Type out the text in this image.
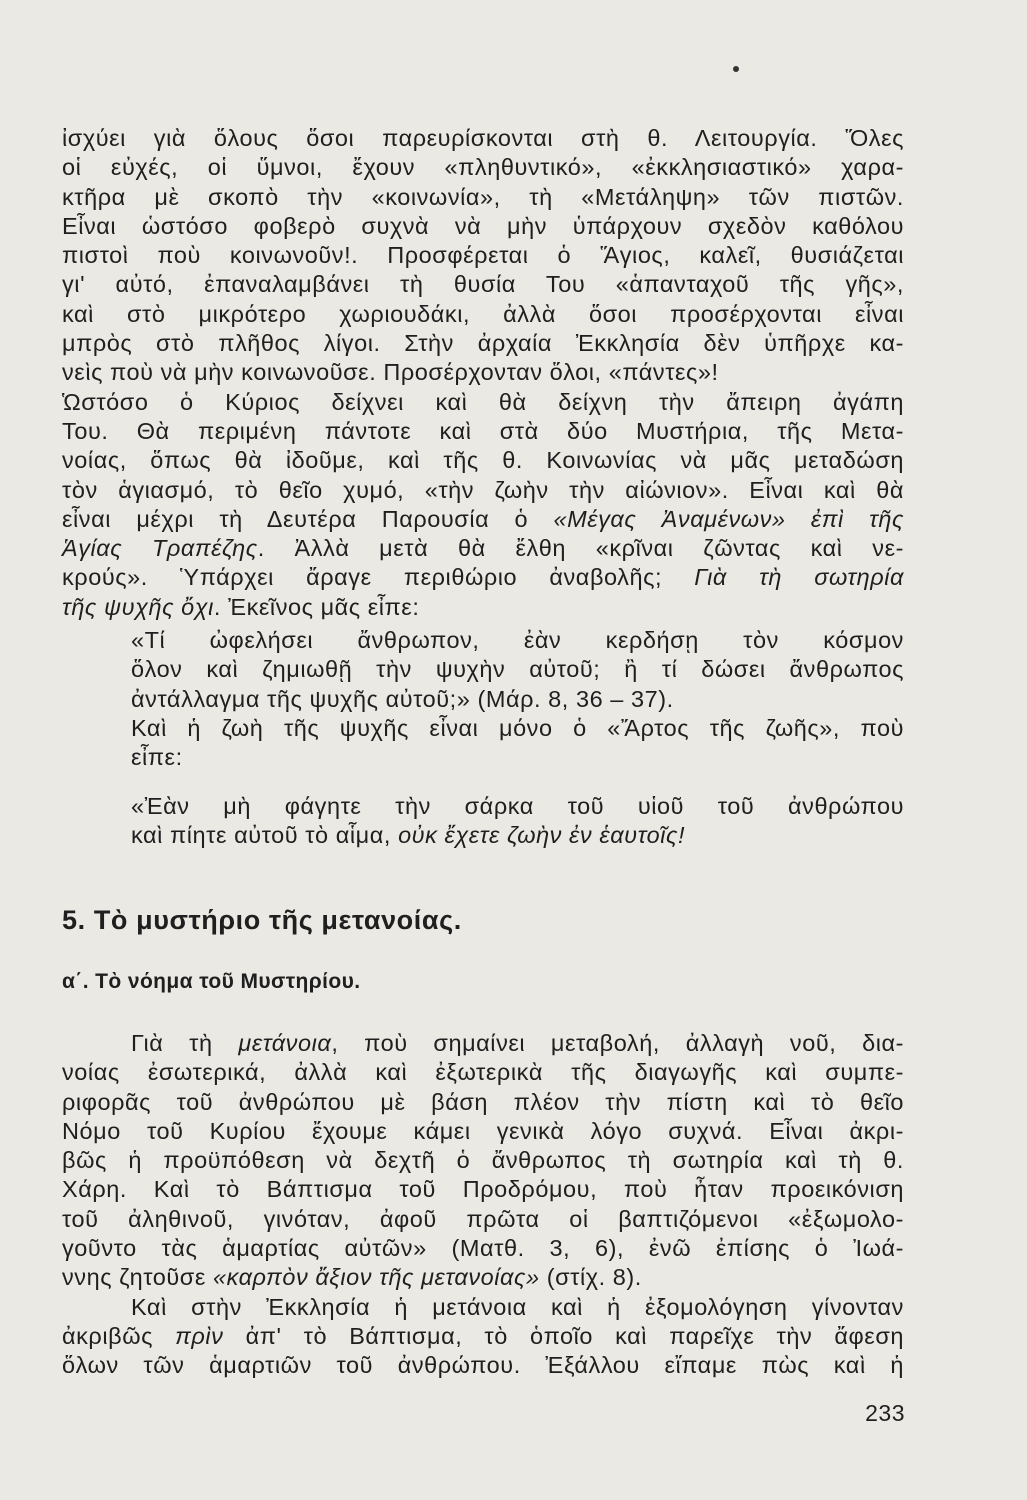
ἰσχύει γιὰ ὅλους ὅσοι παρευρίσκονται στὴ θ. Λειτουργία. Ὅλες

οἱ εὐχές, οἱ ὕμνοι, ἔχουν «πληθυντικό», «ἐκκλησιαστικό» χαρα-

κτῆρα μὲ σκοπὸ τὴν «κοινωνία», τὴ «Μετάληψη» τῶν πιστῶν.

Εἶναι ὡστόσο φοβερὸ συχνὰ νὰ μὴν ὑπάρχουν σχεδὸν καθόλου

πιστοὶ ποὺ κοινωνοῦν!. Προσφέρεται ὁ Ἅγιος, καλεῖ, θυσιάζεται

γι' αὐτό, ἐπαναλαμβάνει τὴ θυσία Του «ἁπανταχοῦ τῆς γῆς»,

καὶ στὸ μικρότερο χωριουδάκι, ἀλλὰ ὅσοι προσέρχονται εἶναι

μπρὸς στὸ πλῆθος λίγοι. Στὴν ἀρχαία Ἐκκλησία δὲν ὑπῆρχε κα-

νεὶς ποὺ νὰ μὴν κοινωνοῦσε. Προσέρχονταν ὅλοι, «πάντες»!

Ὡστόσο ὁ Κύριος δείχνει καὶ θὰ δείχνη τὴν ἄπειρη ἀγάπη

Του. Θὰ περιμένη πάντοτε καὶ στὰ δύο Μυστήρια, τῆς Μετα-

νοίας, ὅπως θὰ ἰδοῦμε, καὶ τῆς θ. Κοινωνίας νὰ μᾶς μεταδώση

τὸν ἁγιασμό, τὸ θεῖο χυμό, «τὴν ζωὴν τὴν αἰώνιον». Εἶναι καὶ θὰ

εἶναι μέχρι τὴ Δευτέρα Παρουσία ὁ «Μέγας Ἀναμένων» ἐπὶ τῆς

Ἁγίας Τραπέζης. Ἀλλὰ μετὰ θὰ ἔλθη «κρῖναι ζῶντας καὶ νε-

κρούς». Ὑπάρχει ἄραγε περιθώριο ἀναβολῆς; Γιὰ τὴ σωτηρία

τῆς ψυχῆς ὄχι. Ἐκεῖνος μᾶς εἶπε:

«Τί ὠφελήσει ἄνθρωπον, ἐὰν κερδήσῃ τὸν κόσμον

ὅλον καὶ ζημιωθῇ τὴν ψυχὴν αὐτοῦ; ἢ τί δώσει ἄνθρωπος

ἀντάλλαγμα τῆς ψυχῆς αὐτοῦ;» (Μάρ. 8, 36 – 37).

Καὶ ἡ ζωὴ τῆς ψυχῆς εἶναι μόνο ὁ «Ἄρτος τῆς ζωῆς», ποὺ

εἶπε:

«Ἐὰν μὴ φάγητε τὴν σάρκα τοῦ υἱοῦ τοῦ ἀνθρώπου

καὶ πίητε αὐτοῦ τὸ αἷμα, οὐκ ἔχετε ζωὴν ἐν ἑαυτοῖς!

5. Τὸ μυστήριο τῆς μετανοίας.
α΄. Τὸ νόημα τοῦ Μυστηρίου.

Γιὰ τὴ μετάνοια, ποὺ σημαίνει μεταβολή, ἀλλαγὴ νοῦ, δια-

νοίας ἐσωτερικά, ἀλλὰ καὶ ἐξωτερικὰ τῆς διαγωγῆς καὶ συμπε-

ριφορᾶς τοῦ ἀνθρώπου μὲ βάση πλέον τὴν πίστη καὶ τὸ θεῖο

Νόμο τοῦ Κυρίου ἔχουμε κάμει γενικὰ λόγο συχνά. Εἶναι ἀκρι-

βῶς ἡ προϋπόθεση νὰ δεχτῆ ὁ ἄνθρωπος τὴ σωτηρία καὶ τὴ θ.

Χάρη. Καὶ τὸ Βάπτισμα τοῦ Προδρόμου, ποὺ ἦταν προεικόνιση

τοῦ ἀληθινοῦ, γινόταν, ἀφοῦ πρῶτα οἱ βαπτιζόμενοι «ἐξωμολο-

γοῦντο τὰς ἁμαρτίας αὐτῶν» (Ματθ. 3, 6), ἐνῶ ἐπίσης ὁ Ἰωά-

ννης ζητοῦσε «καρπὸν ἄξιον τῆς μετανοίας» (στίχ. 8).

Καὶ στὴν Ἐκκλησία ἡ μετάνοια καὶ ἡ ἐξομολόγηση γίνονταν

ἀκριβῶς πρὶν ἀπ' τὸ Βάπτισμα, τὸ ὁποῖο καὶ παρεῖχε τὴν ἄφεση

ὅλων τῶν ἁμαρτιῶν τοῦ ἀνθρώπου. Ἐξάλλου εἴπαμε πὼς καὶ ἡ

233
